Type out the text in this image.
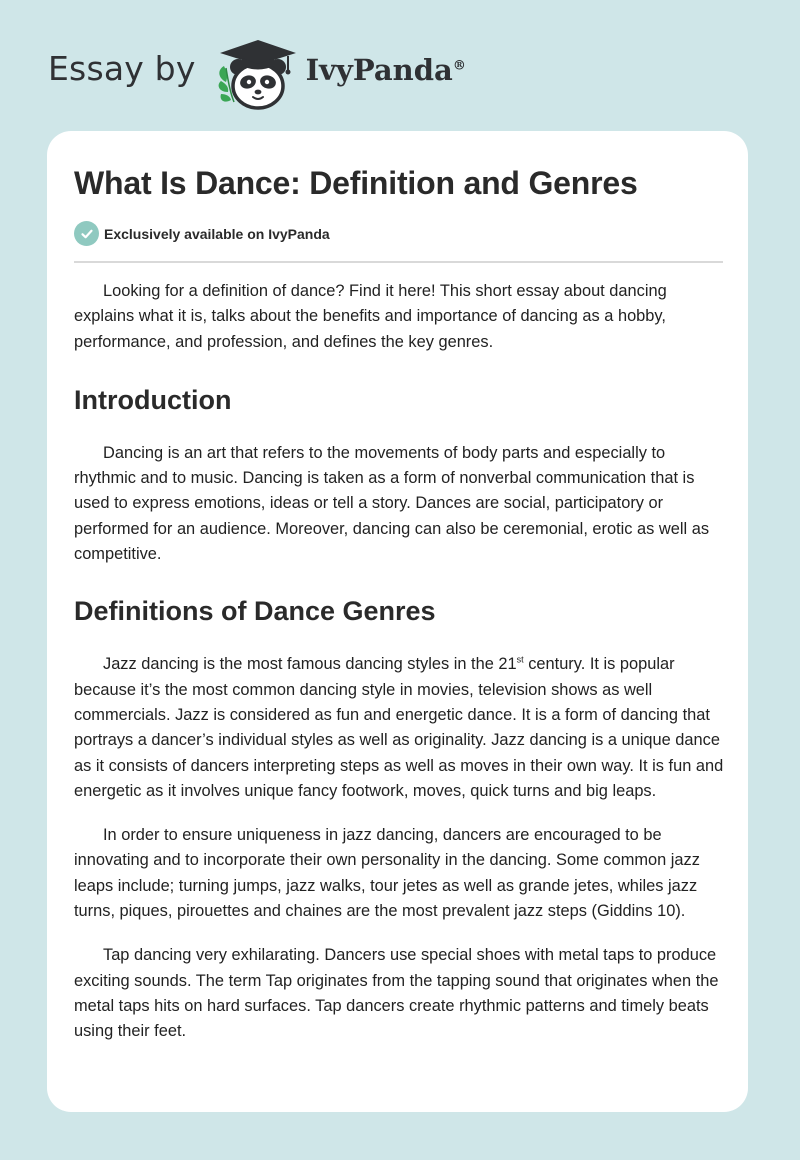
Essay by	IvyPanda®
What Is Dance: Definition and Genres
Exclusively available on IvyPanda

Looking for a definition of dance? Find it here! This short essay about dancing explains what it is, talks about the benefits and importance of dancing as a hobby, performance, and profession, and defines the key genres.

Introduction

Dancing is an art that refers to the movements of body parts and especially to rhythmic and to music. Dancing is taken as a form of nonverbal communication that is used to express emotions, ideas or tell a story. Dances are social, participatory or performed for an audience. Moreover, dancing can also be ceremonial, erotic as well as competitive.

Definitions of Dance Genres

Jazz dancing is the most famous dancing styles in the 21st century. It is popular because it’s the most common dancing style in movies, television shows as well commercials. Jazz is considered as fun and energetic dance. It is a form of dancing that portrays a dancer’s individual styles as well as originality. Jazz dancing is a unique dance as it consists of dancers interpreting steps as well as moves in their own way. It is fun and energetic as it involves unique fancy footwork, moves, quick turns and big leaps.

In order to ensure uniqueness in jazz dancing, dancers are encouraged to be innovating and to incorporate their own personality in the dancing. Some common jazz leaps include; turning jumps, jazz walks, tour jetes as well as grande jetes, whiles jazz turns, piques, pirouettes and chaines are the most prevalent jazz steps (Giddins 10).

Tap dancing very exhilarating. Dancers use special shoes with metal taps to produce exciting sounds. The term Tap originates from the tapping sound that originates when the metal taps hits on hard surfaces. Tap dancers create rhythmic patterns and timely beats using their feet.
